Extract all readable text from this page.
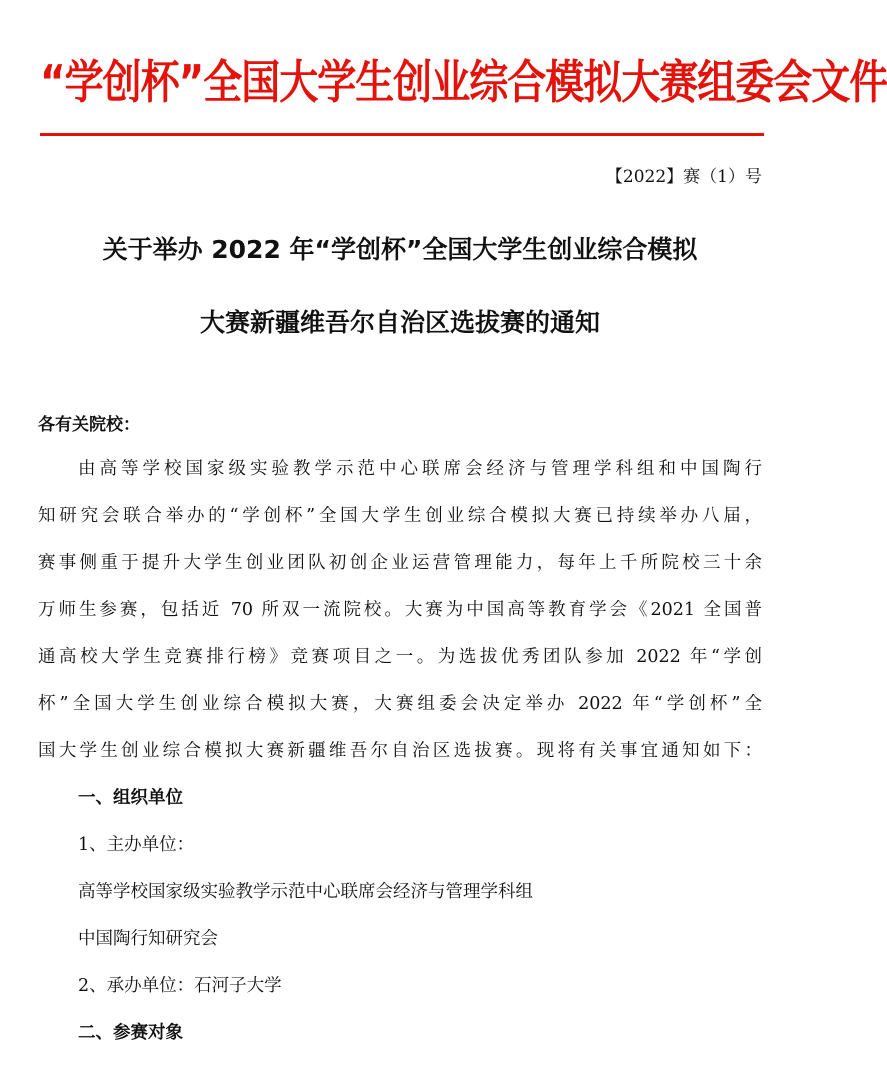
“学创杯”全国大学生创业综合模拟大赛组委会文件
【2022】赛（1）号
关于举办 2022 年“学创杯”全国大学生创业综合模拟
大赛新疆维吾尔自治区选拔赛的通知
各有关院校：
由高等学校国家级实验教学示范中心联席会经济与管理学科组和中国陶行
知研究会联合举办的“学创杯”全国大学生创业综合模拟大赛已持续举办八届，
赛事侧重于提升大学生创业团队初创企业运营管理能力，每年上千所院校三十余
万师生参赛，包括近 70 所双一流院校。大赛为中国高等教育学会《2021 全国普
通高校大学生竞赛排行榜》竞赛项目之一。为选拔优秀团队参加 2022 年“学创
杯”全国大学生创业综合模拟大赛，大赛组委会决定举办 2022 年“学创杯”全
国大学生创业综合模拟大赛新疆维吾尔自治区选拔赛。现将有关事宜通知如下：
一、组织单位
1、主办单位：
高等学校国家级实验教学示范中心联席会经济与管理学科组
中国陶行知研究会
2、承办单位：石河子大学
二、参赛对象
